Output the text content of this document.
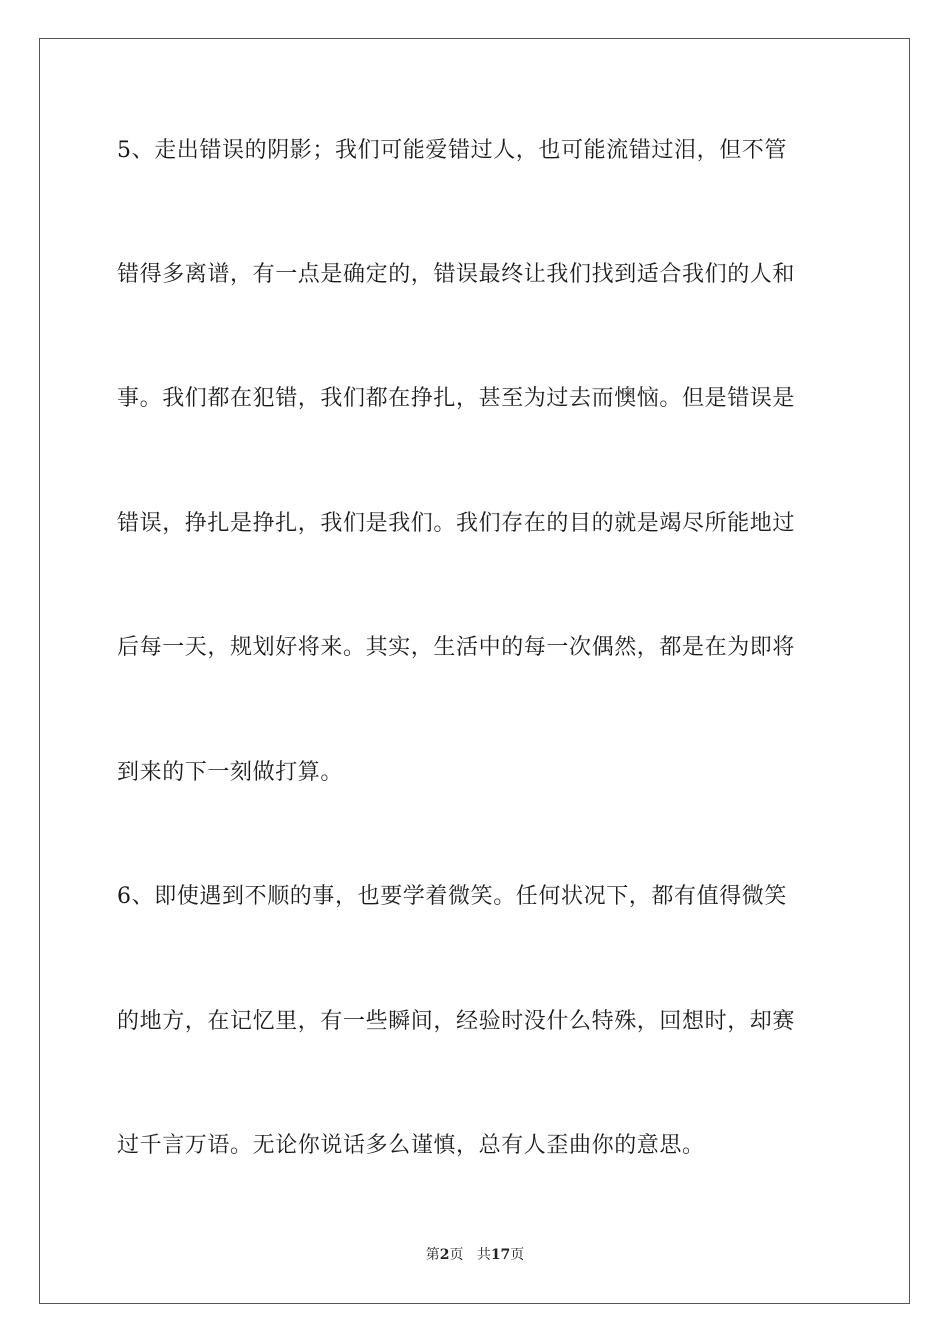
5、走出错误的阴影；我们可能爱错过人，也可能流错过泪，但不管
错得多离谱，有一点是确定的，错误最终让我们找到适合我们的人和
事。我们都在犯错，我们都在挣扎，甚至为过去而懊恼。但是错误是
错误，挣扎是挣扎，我们是我们。我们存在的目的就是竭尽所能地过
后每一天，规划好将来。其实，生活中的每一次偶然，都是在为即将
到来的下一刻做打算。
6、即使遇到不顺的事，也要学着微笑。任何状况下，都有值得微笑
的地方，在记忆里，有一些瞬间，经验时没什么特殊，回想时，却赛
过千言万语。无论你说话多么谨慎，总有人歪曲你的意思。
第2页 共17页
